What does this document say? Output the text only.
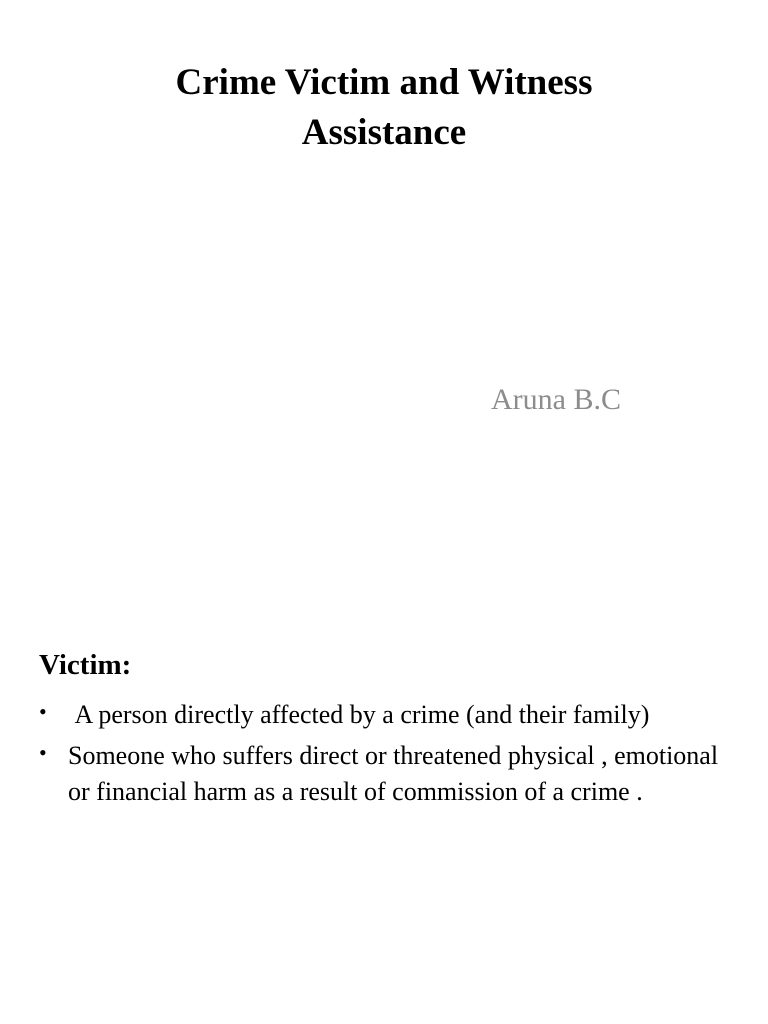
Crime Victim and Witness
Assistance

Aruna B.C

Victim:
• A person directly affected by a crime (and their family)
• Someone who suffers direct or threatened physical , emotional or financial harm as a result of commission of a crime .
